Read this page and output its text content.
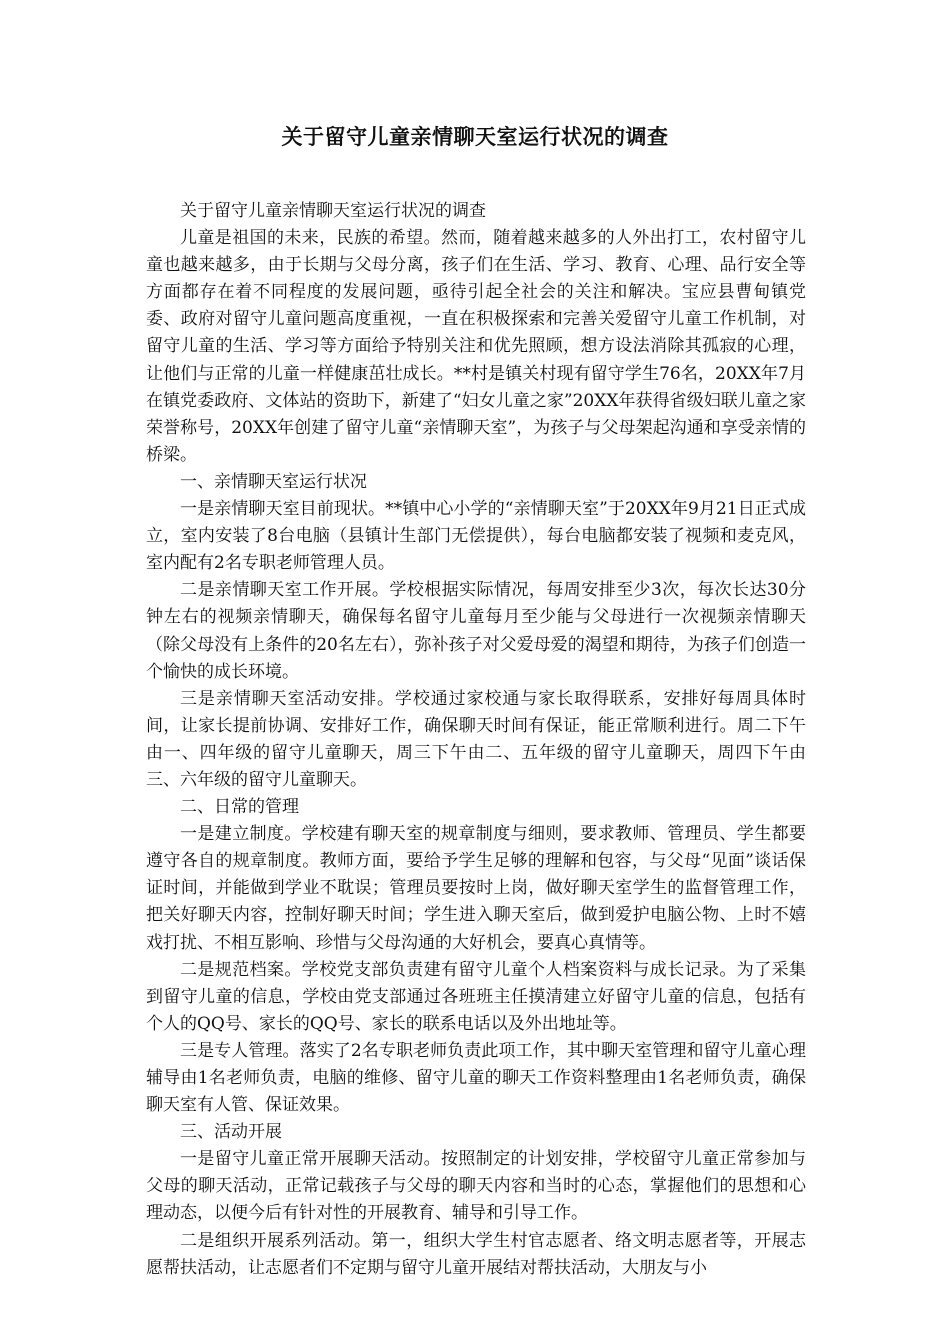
关于留守儿童亲情聊天室运行状况的调查

关于留守儿童亲情聊天室运行状况的调查

儿童是祖国的未来，民族的希望。然而，随着越来越多的人外出打工，农村留守儿童也越来越多，由于长期与父母分离，孩子们在生活、学习、教育、心理、品行安全等方面都存在着不同程度的发展问题，亟待引起全社会的关注和解决。宝应县曹甸镇党委、政府对留守儿童问题高度重视，一直在积极探索和完善关爱留守儿童工作机制，对留守儿童的生活、学习等方面给予特别关注和优先照顾，想方设法消除其孤寂的心理，让他们与正常的儿童一样健康茁壮成长。**村是镇关村现有留守学生76名，20XX年7月在镇党委政府、文体站的资助下，新建了“妇女儿童之家”20XX年获得省级妇联儿童之家荣誉称号，20XX年创建了留守儿童“亲情聊天室”，为孩子与父母架起沟通和享受亲情的桥梁。

一、亲情聊天室运行状况

一是亲情聊天室目前现状。**镇中心小学的“亲情聊天室”于20XX年9月21日正式成立，室内安装了8台电脑（县镇计生部门无偿提供），每台电脑都安装了视频和麦克风，室内配有2名专职老师管理人员。

二是亲情聊天室工作开展。学校根据实际情况，每周安排至少3次，每次长达30分钟左右的视频亲情聊天，确保每名留守儿童每月至少能与父母进行一次视频亲情聊天（除父母没有上条件的20名左右），弥补孩子对父爱母爱的渴望和期待，为孩子们创造一个愉快的成长环境。

三是亲情聊天室活动安排。学校通过家校通与家长取得联系，安排好每周具体时间，让家长提前协调、安排好工作，确保聊天时间有保证，能正常顺利进行。周二下午由一、四年级的留守儿童聊天，周三下午由二、五年级的留守儿童聊天，周四下午由三、六年级的留守儿童聊天。

二、日常的管理

一是建立制度。学校建有聊天室的规章制度与细则，要求教师、管理员、学生都要遵守各自的规章制度。教师方面，要给予学生足够的理解和包容，与父母“见面”谈话保证时间，并能做到学业不耽误；管理员要按时上岗，做好聊天室学生的监督管理工作，把关好聊天内容，控制好聊天时间；学生进入聊天室后，做到爱护电脑公物、上时不嬉戏打扰、不相互影响、珍惜与父母沟通的大好机会，要真心真情等。

二是规范档案。学校党支部负责建有留守儿童个人档案资料与成长记录。为了采集到留守儿童的信息，学校由党支部通过各班班主任摸清建立好留守儿童的信息，包括有个人的QQ号、家长的QQ号、家长的联系电话以及外出地址等。

三是专人管理。落实了2名专职老师负责此项工作，其中聊天室管理和留守儿童心理辅导由1名老师负责，电脑的维修、留守儿童的聊天工作资料整理由1名老师负责，确保聊天室有人管、保证效果。

三、活动开展

一是留守儿童正常开展聊天活动。按照制定的计划安排，学校留守儿童正常参加与父母的聊天活动，正常记载孩子与父母的聊天内容和当时的心态，掌握他们的思想和心理动态，以便今后有针对性的开展教育、辅导和引导工作。

二是组织开展系列活动。第一，组织大学生村官志愿者、络文明志愿者等，开展志愿帮扶活动，让志愿者们不定期与留守儿童开展结对帮扶活动，大朋友与小
